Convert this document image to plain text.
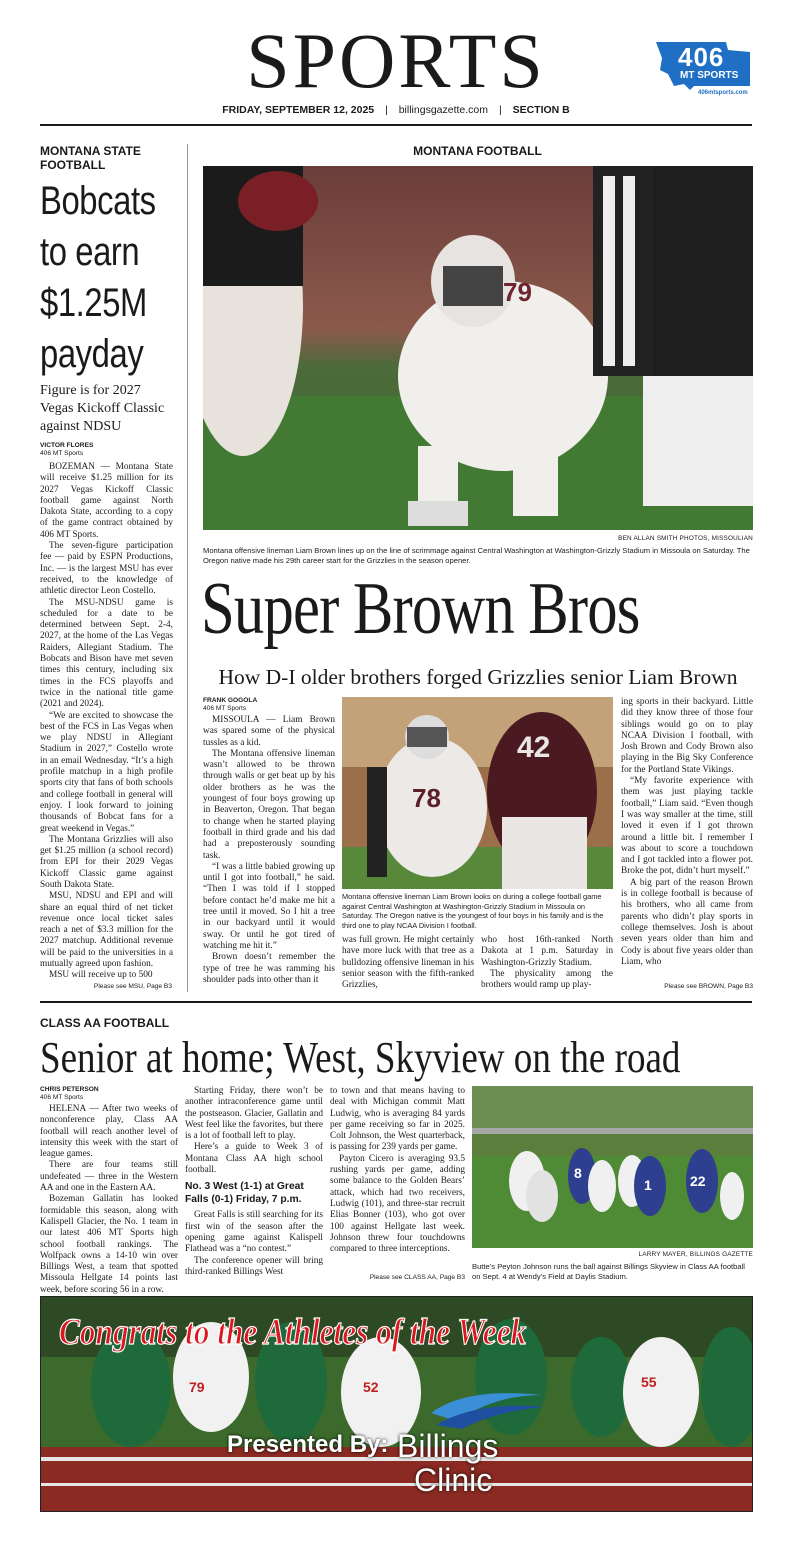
SPORTS
FRIDAY, SEPTEMBER 12, 2025 | billingsgazette.com | SECTION B
406
MT SPORTS
406mtsports.com
MONTANA STATE FOOTBALL
Bobcats
to earn
$1.25M
payday
Figure is for 2027 Vegas Kickoff Classic against NDSU
VICTOR FLORES
406 MT Sports

BOZEMAN — Montana State will receive $1.25 million for its 2027 Vegas Kickoff Classic football game against North Dakota State, according to a copy of the game contract obtained by 406 MT Sports.

The seven-figure participation fee — paid by ESPN Productions, Inc. — is the largest MSU has ever received, to the knowledge of athletic director Leon Costello.

The MSU-NDSU game is scheduled for a date to be determined between Sept. 2-4, 2027, at the home of the Las Vegas Raiders, Allegiant Stadium. The Bobcats and Bison have met seven times this century, including six times in the FCS playoffs and twice in the national title game (2021 and 2024).

“We are excited to showcase the best of the FCS in Las Vegas when we play NDSU in Allegiant Stadium in 2027,” Costello wrote in an email Wednesday. “It’s a high profile matchup in a high profile sports city that fans of both schools and college football in general will enjoy. I look forward to joining thousands of Bobcat fans for a great weekend in Vegas.”

The Montana Grizzlies will also get $1.25 million (a school record) from EPI for their 2029 Vegas Kickoff Classic game against South Dakota State.

MSU, NDSU and EPI and will share an equal third of net ticket revenue once local ticket sales reach a net of $3.3 million for the 2027 matchup. Additional revenue will be paid to the universities in a mutually agreed upon fashion.

MSU will receive up to 500

Please see MSU, Page B3
MONTANA FOOTBALL
79
BEN ALLAN SMITH PHOTOS, MISSOULIAN
Montana offensive lineman Liam Brown lines up on the line of scrimmage against Central Washington at Washington-Grizzly Stadium in Missoula on Saturday. The Oregon native made his 29th career start for the Grizzlies in the season opener.
Super Brown Bros
How D-I older brothers forged Grizzlies senior Liam Brown
FRANK GOGOLA
406 MT Sports

MISSOULA — Liam Brown was spared some of the physical tussles as a kid.

The Montana offensive lineman wasn’t allowed to be thrown through walls or get beat up by his older brothers as he was the youngest of four boys growing up in Beaverton, Oregon. That began to change when he started playing football in third grade and his dad had a preposterously sounding task.

“I was a little babied growing up until I got into football,” he said. “Then I was told if I stopped before contact he’d make me hit a tree until it moved. So I hit a tree in our backyard until it would sway. Or until he got tired of watching me hit it.”

Brown doesn’t remember the type of tree he was ramming his shoulder pads into other than it

78
42
Montana offensive lineman Liam Brown looks on during a college football game against Central Washington at Washington-Grizzly Stadium in Missoula on Saturday. The Oregon native is the youngest of four boys in his family and is the third one to play NCAA Division I football.

was full grown. He might certainly have more luck with that tree as a bulldozing offensive lineman in his senior season with the fifth-ranked Grizzlies,

who host 16th-ranked North Dakota at 1 p.m. Saturday in Washington-Grizzly Stadium.

The physicality among the brothers would ramp up play-

ing sports in their backyard. Little did they know three of those four siblings would go on to play NCAA Division I football, with Josh Brown and Cody Brown also playing in the Big Sky Conference for the Portland State Vikings.

“My favorite experience with them was just playing tackle football,” Liam said. “Even though I was way smaller at the time, still loved it even if I got thrown around a little bit. I remember I was about to score a touchdown and I got tackled into a flower pot. Broke the pot, didn’t hurt myself.”

A big part of the reason Brown is in college football is because of his brothers, who all came from parents who didn’t play sports in college themselves. Josh is about seven years older than him and Cody is about five years older than Liam, who

Please see BROWN, Page B3
CLASS AA FOOTBALL
Senior at home; West, Skyview on the road
CHRIS PETERSON
406 MT Sports

HELENA — After two weeks of nonconference play, Class AA football will reach another level of intensity this week with the start of league games.

There are four teams still undefeated — three in the Western AA and one in the Eastern AA.

Bozeman Gallatin has looked formidable this season, along with Kalispell Glacier, the No. 1 team in our latest 406 MT Sports high school football rankings. The Wolfpack owns a 14-10 win over Billings West, a team that spotted Missoula Hellgate 14 points last week, before scoring 56 in a row.

Starting Friday, there won’t be another intraconference game until the postseason. Glacier, Gallatin and West feel like the favorites, but there is a lot of football left to play.

Here’s a guide to Week 3 of Montana Class AA high school football.

No. 3 West (1-1) at Great Falls (0-1) Friday, 7 p.m.

Great Falls is still searching for its first win of the season after the opening game against Kalispell Flathead was a “no contest.”

The conference opener will bring third-ranked Billings West

to town and that means having to deal with Michigan commit Matt Ludwig, who is averaging 84 yards per game receiving so far in 2025. Colt Johnson, the West quarterback, is passing for 239 yards per game.

Payton Cicero is averaging 93.5 rushing yards per game, adding some balance to the Golden Bears’ attack, which had two receivers, Ludwig (101), and three-star recruit Elias Bonner (103), who got over 100 against Hellgate last week. Johnson threw four touchdowns compared to three interceptions.

Please see CLASS AA, Page B3
8
1	22
LARRY MAYER, BILLINGS GAZETTE
Butte’s Peyton Johnson runs the ball against Billings Skyview in Class AA football on Sept. 4 at Wendy’s Field at Daylis Stadium.
79	52	55
Congrats to the Athletes of the Week
Presented By: Billings
Clinic
